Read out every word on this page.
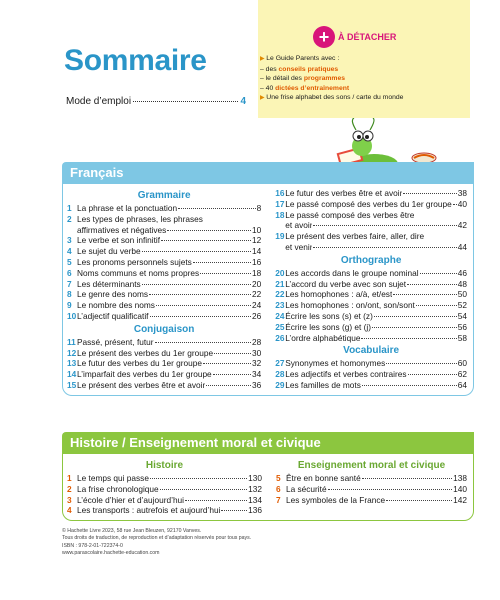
Sommaire
Mode d’emploi	4
+ À DÉTACHER
▶ Le Guide Parents avec :
– des conseils pratiques
– le détail des programmes
– 40 dictées d’entraînement
▶ Une frise alphabet des sons / carte du monde
Français
Grammaire
1 La phrase et la ponctuation	8
2 Les types de phrases, les phrases
affirmatives et négatives	10
3 Le verbe et son infinitif	12
4 Le sujet du verbe	14
5 Les pronoms personnels sujets	16
6 Noms communs et noms propres	18
7 Les déterminants	20
8 Le genre des noms	22
9 Le nombre des noms	24
10 L’adjectif qualificatif	26
Conjugaison
11 Passé, présent, futur	28
12 Le présent des verbes du 1er groupe	30
13 Le futur des verbes du 1er groupe	32
14 L’imparfait des verbes du 1er groupe	34
15 Le présent des verbes être et avoir	36
16 Le futur des verbes être et avoir	38
17 Le passé composé des verbes du 1er groupe 40
18 Le passé composé des verbes être
et avoir	42
19 Le présent des verbes faire, aller, dire
et venir	44
Orthographe
20 Les accords dans le groupe nominal	46
21 L’accord du verbe avec son sujet	48
22 Les homophones : a/à, et/est	50
23 Les homophones : on/ont, son/sont	52
24 Écrire les sons (s) et (z)	54
25 Écrire les sons (g) et (j)	56
26 L’ordre alphabétique	58
Vocabulaire
27 Synonymes et homonymes	60
28 Les adjectifs et verbes contraires	62
29 Les familles de mots	64
Histoire / Enseignement moral et civique
Histoire
1 Le temps qui passe	130
2 La frise chronologique	132
3 L’école d’hier et d’aujourd’hui	134
4 Les transports : autrefois et aujourd’hui	136
Enseignement moral et civique
5 Être en bonne santé	138
6 La sécurité	140
7 Les symboles de la France	142
© Hachette Livre 2023, 58 rue Jean Bleuzen, 92170 Vanves.
Tous droits de traduction, de reproduction et d’adaptation réservés pour tous pays.
ISBN : 978-2-01-722374-0
www.parascolaire.hachette-education.com
